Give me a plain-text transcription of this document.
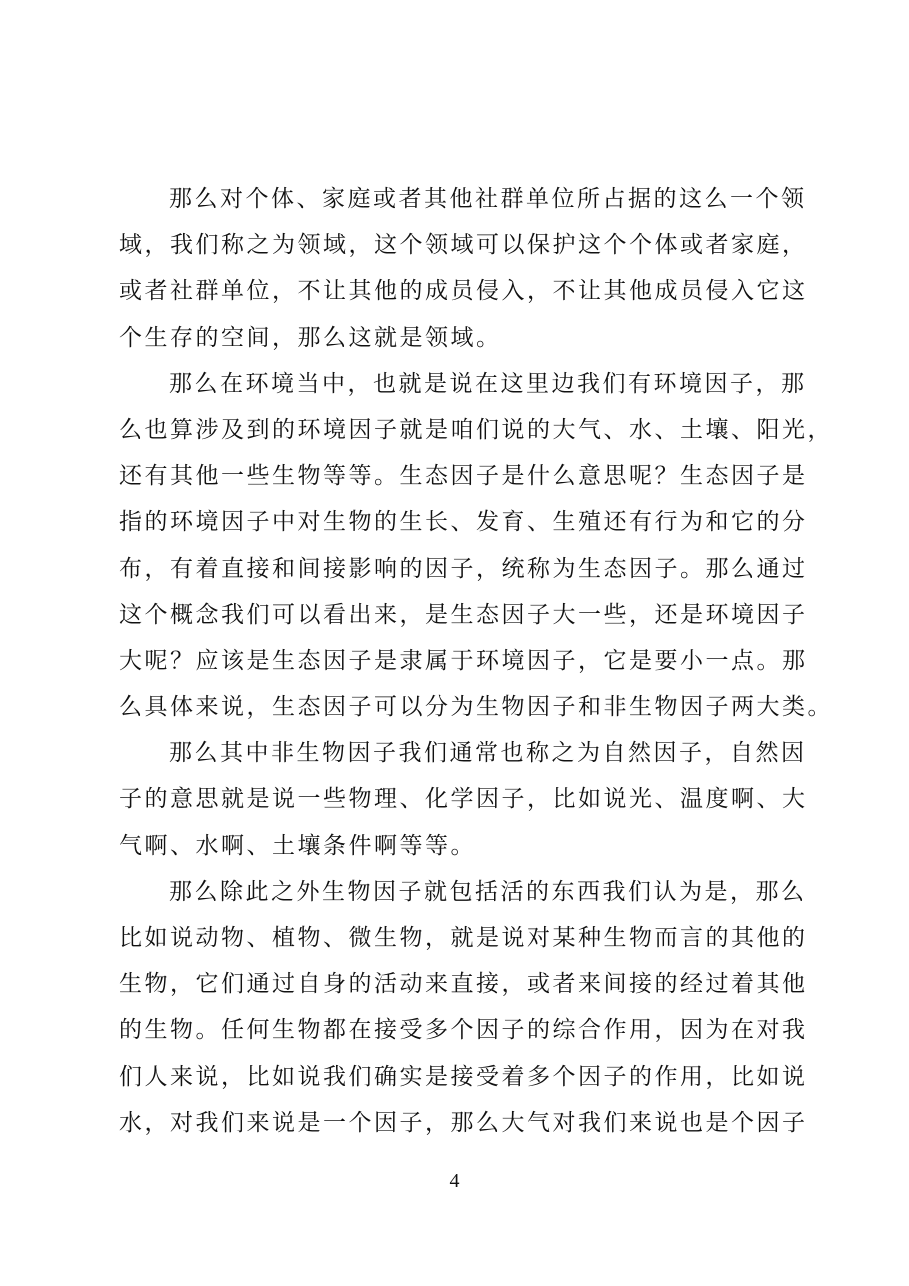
那么对个体、家庭或者其他社群单位所占据的这么一个领
域，我们称之为领域，这个领域可以保护这个个体或者家庭，
或者社群单位，不让其他的成员侵入，不让其他成员侵入它这
个生存的空间，那么这就是领域。
那么在环境当中，也就是说在这里边我们有环境因子，那
么也算涉及到的环境因子就是咱们说的大气、水、土壤、阳光，
还有其他一些生物等等。生态因子是什么意思呢？生态因子是
指的环境因子中对生物的生长、发育、生殖还有行为和它的分
布，有着直接和间接影响的因子，统称为生态因子。那么通过
这个概念我们可以看出来，是生态因子大一些，还是环境因子
大呢？应该是生态因子是隶属于环境因子，它是要小一点。那
么具体来说，生态因子可以分为生物因子和非生物因子两大类。
那么其中非生物因子我们通常也称之为自然因子，自然因
子的意思就是说一些物理、化学因子，比如说光、温度啊、大
气啊、水啊、土壤条件啊等等。
那么除此之外生物因子就包括活的东西我们认为是，那么
比如说动物、植物、微生物，就是说对某种生物而言的其他的
生物，它们通过自身的活动来直接，或者来间接的经过着其他
的生物。任何生物都在接受多个因子的综合作用，因为在对我
们人来说，比如说我们确实是接受着多个因子的作用，比如说
水，对我们来说是一个因子，那么大气对我们来说也是个因子
4
